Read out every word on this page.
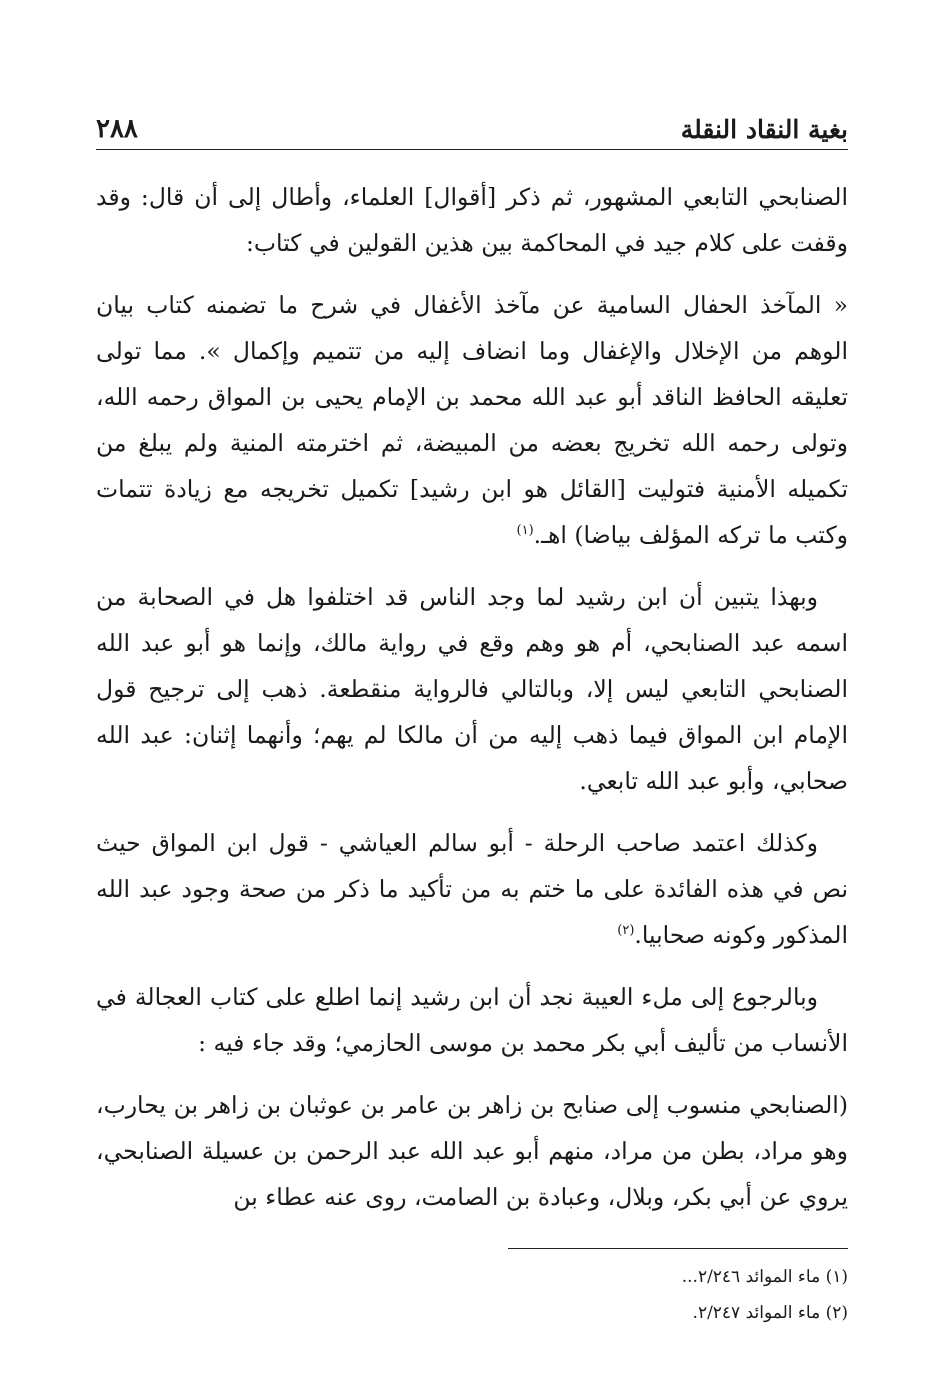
بغية النقاد النقلة
٢٨٨

الصنابحي التابعي المشهور، ثم ذكر [أقوال] العلماء، وأطال إلى أن قال: وقد وقفت على كلام جيد في المحاكمة بين هذين القولين في كتاب:

« المآخذ الحفال السامية عن مآخذ الأغفال في شرح ما تضمنه كتاب بيان الوهم من الإخلال والإغفال وما انضاف إليه من تتميم وإكمال ». مما تولى تعليقه الحافظ الناقد أبو عبد الله محمد بن الإمام يحيى بن المواق رحمه الله، وتولى رحمه الله تخريج بعضه من المبيضة، ثم اخترمته المنية ولم يبلغ من تكميله الأمنية فتوليت [القائل هو ابن رشيد] تكميل تخريجه مع زيادة تتمات وكتب ما تركه المؤلف بياضا) اهـ.$^{(١)}$

وبهذا يتبين أن ابن رشيد لما وجد الناس قد اختلفوا هل في الصحابة من اسمه عبد الصنابحي، أم هو وهم وقع في رواية مالك، وإنما هو أبو عبد الله الصنابحي التابعي ليس إلا، وبالتالي فالرواية منقطعة. ذهب إلى ترجيح قول الإمام ابن المواق فيما ذهب إليه من أن مالكا لم يهم؛ وأنهما إثنان: عبد الله صحابي، وأبو عبد الله تابعي.

وكذلك اعتمد صاحب الرحلة - أبو سالم العياشي - قول ابن المواق حيث نص في هذه الفائدة على ما ختم به من تأكيد ما ذكر من صحة وجود عبد الله المذكور وكونه صحابيا.$^{(٢)}$

وبالرجوع إلى ملء العيبة نجد أن ابن رشيد إنما اطلع على كتاب العجالة في الأنساب من تأليف أبي بكر محمد بن موسى الحازمي؛ وقد جاء فيه :

(الصنابحي منسوب إلى صنابح بن زاهر بن عامر بن عوثبان بن زاهر بن يحارب، وهو مراد، بطن من مراد، منهم أبو عبد الله عبد الرحمن بن عسيلة الصنابحي، يروي عن أبي بكر، وبلال، وعبادة بن الصامت، روى عنه عطاء بن

(١) ماء الموائد ٢/٢٤٦...

(٢) ماء الموائد ٢/٢٤٧.
